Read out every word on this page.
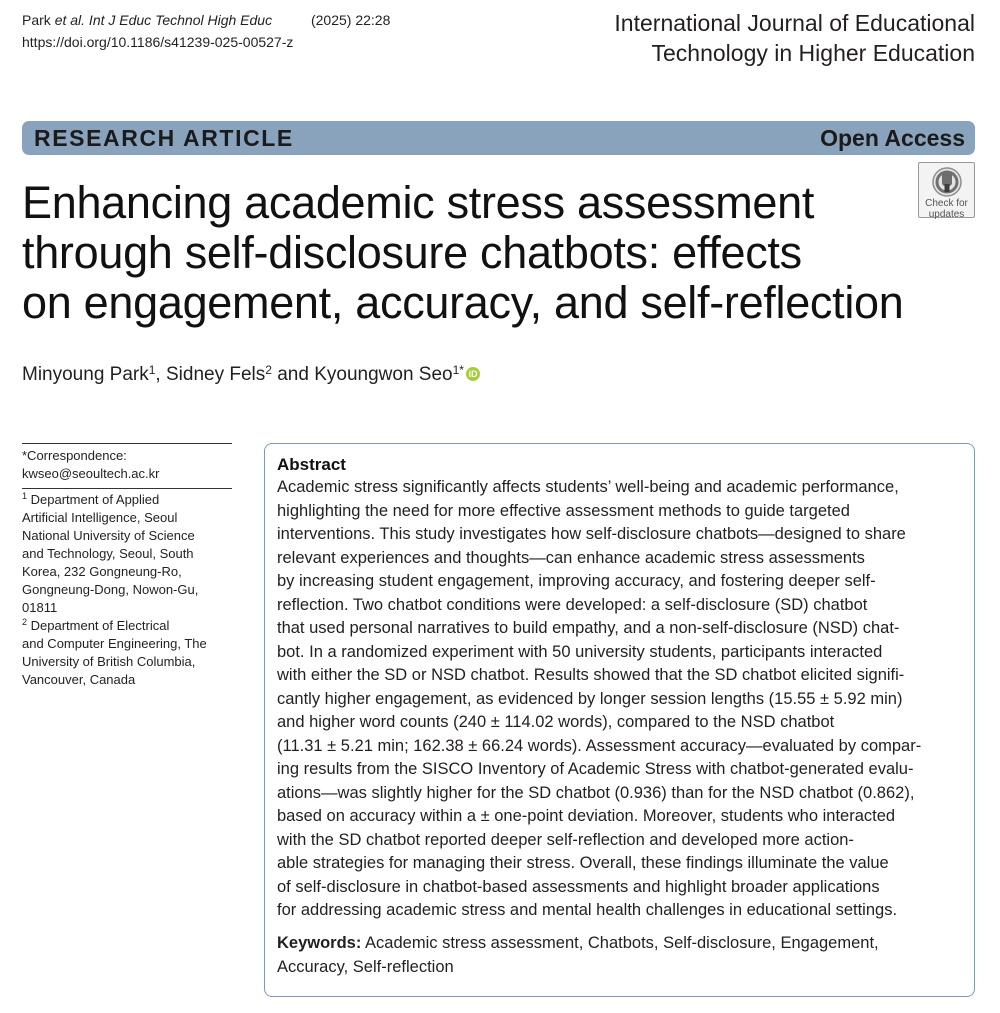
Park et al. Int J Educ Technol High Educ	(2025) 22:28
https://doi.org/10.1186/s41239-025-00527-z
International Journal of Educational
Technology in Higher Education
RESEARCH ARTICLE	Open Access
Check for
updates
Enhancing academic stress assessment
through self-disclosure chatbots: effects
on engagement, accuracy, and self-reflection
Minyoung Park$^1$, Sidney Fels$^2$ and Kyoungwon Seo$^{1*}$ iD
*Correspondence:
kwseo@seoultech.ac.kr

$^1$ Department of Applied

Artificial Intelligence, Seoul

National University of Science

and Technology, Seoul, South

Korea, 232 Gongneung-Ro,

Gongneung-Dong, Nowon-Gu,

01811

$^2$ Department of Electrical

and Computer Engineering, The

University of British Columbia,

Vancouver, Canada

Abstract
Academic stress significantly affects students’ well-being and academic performance,
highlighting the need for more effective assessment methods to guide targeted
interventions. This study investigates how self-disclosure chatbots—designed to share
relevant experiences and thoughts—can enhance academic stress assessments
by increasing student engagement, improving accuracy, and fostering deeper self-
reflection. Two chatbot conditions were developed: a self-disclosure (SD) chatbot
that used personal narratives to build empathy, and a non-self-disclosure (NSD) chat-
bot. In a randomized experiment with 50 university students, participants interacted
with either the SD or NSD chatbot. Results showed that the SD chatbot elicited signifi-
cantly higher engagement, as evidenced by longer session lengths (15.55 ± 5.92 min)
and higher word counts (240 ± 114.02 words), compared to the NSD chatbot
(11.31 ± 5.21 min; 162.38 ± 66.24 words). Assessment accuracy—evaluated by compar-
ing results from the SISCO Inventory of Academic Stress with chatbot-generated evalu-
ations—was slightly higher for the SD chatbot (0.936) than for the NSD chatbot (0.862),
based on accuracy within a ± one-point deviation. Moreover, students who interacted
with the SD chatbot reported deeper self-reflection and developed more action-
able strategies for managing their stress. Overall, these findings illuminate the value
of self-disclosure in chatbot-based assessments and highlight broader applications
for addressing academic stress and mental health challenges in educational settings.
Keywords: Academic stress assessment, Chatbots, Self-disclosure, Engagement,
Accuracy, Self-reflection
